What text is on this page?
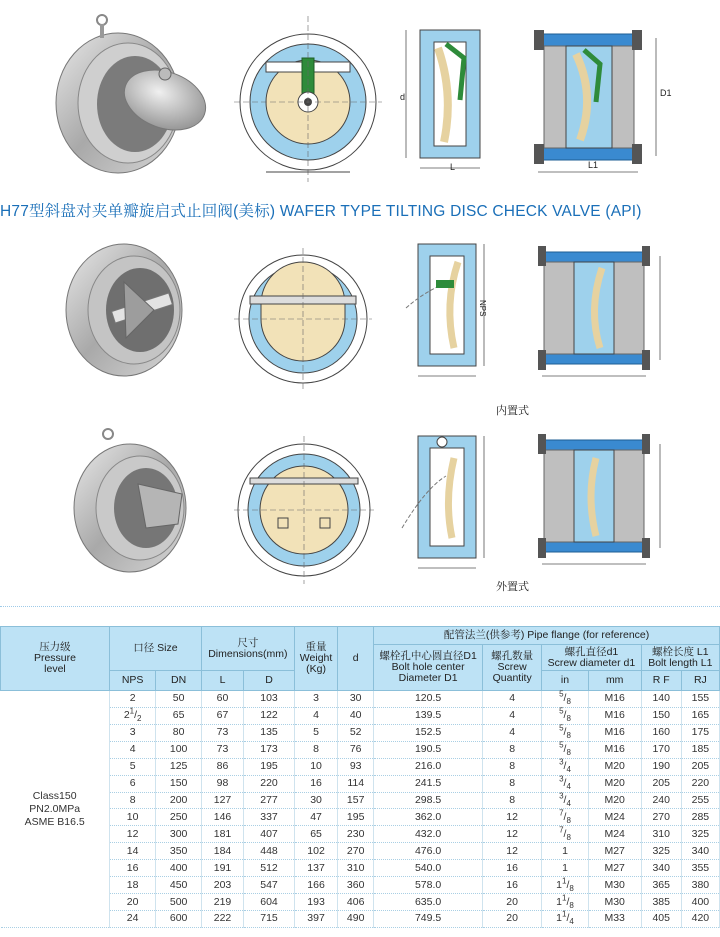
d
L
D1
L1
H77型斜盘对夹单瓣旋启式止回阀(美标) WAFER TYPE TILTING DISC CHECK VALVE (API)
NPS
内置式
外置式
压力级
Pressure
level	口径 Size		尺寸
Dimensions(mm)		重量
Weight
(Kg)	d	配管法兰(供参考) Pipe flange (for reference)					
							螺栓孔中心圆直径D1
Bolt hole center
Diameter D1	螺孔数量
Screw
Quantity	螺孔直径d1
Screw diameter d1		螺栓长度 L1
Bolt length L1	
	NPS	DN	L	D					in	mm	R F	RJ
Class150
PN2.0MPa
ASME B16.5	2	50	60	103	3	30	120.5	4	$^5/_8$	M16	140	155
	$2^1/_2$	65	67	122	4	40	139.5	4	$^5/_8$	M16	150	165
	3	80	73	135	5	52	152.5	4	$^5/_8$	M16	160	175
	4	100	73	173	8	76	190.5	8	$^5/_8$	M16	170	185
	5	125	86	195	10	93	216.0	8	$^3/_4$	M20	190	205
	6	150	98	220	16	114	241.5	8	$^3/_4$	M20	205	220
	8	200	127	277	30	157	298.5	8	$^3/_4$	M20	240	255
	10	250	146	337	47	195	362.0	12	$^7/_8$	M24	270	285
	12	300	181	407	65	230	432.0	12	$^7/_8$	M24	310	325
	14	350	184	448	102	270	476.0	12	1	M27	325	340
	16	400	191	512	137	310	540.0	16	1	M27	340	355
	18	450	203	547	166	360	578.0	16	$1^1/_8$	M30	365	380
	20	500	219	604	193	406	635.0	20	$1^1/_8$	M30	385	400
	24	600	222	715	397	490	749.5	20	$1^1/_4$	M33	405	420
